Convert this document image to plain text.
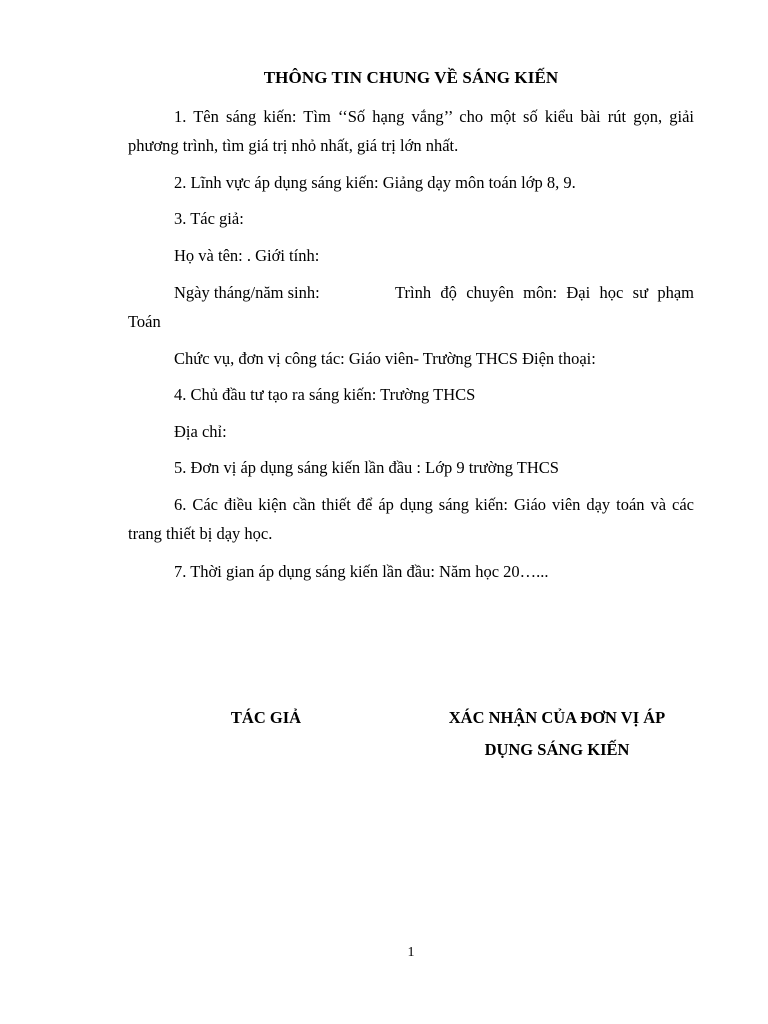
THÔNG TIN CHUNG VỀ SÁNG KIẾN
1. Tên sáng kiến: Tìm ‘‘Số hạng vắng’’ cho một số kiểu bài rút gọn, giải phương trình, tìm giá trị nhỏ nhất, giá trị lớn nhất.
2. Lĩnh vực áp dụng sáng kiến: Giảng dạy môn toán lớp 8, 9.
3. Tác giả:
Họ và tên: . Giới tính:
Ngày tháng/năm sinh:	Trình độ chuyên môn: Đại học sư phạm
Toán
Chức vụ, đơn vị công tác: Giáo viên- Trường THCS Điện thoại:
4. Chủ đầu tư tạo ra sáng kiến: Trường THCS
Địa chỉ:
5. Đơn vị áp dụng sáng kiến lần đầu : Lớp 9 trường THCS
6. Các điều kiện cần thiết để áp dụng sáng kiến: Giáo viên dạy toán và các trang thiết bị dạy học.
7. Thời gian áp dụng sáng kiến lần đầu: Năm học 20…...
TÁC GIẢ	XÁC NHẬN CỦA ĐƠN VỊ ÁP
DỤNG SÁNG KIẾN
1
